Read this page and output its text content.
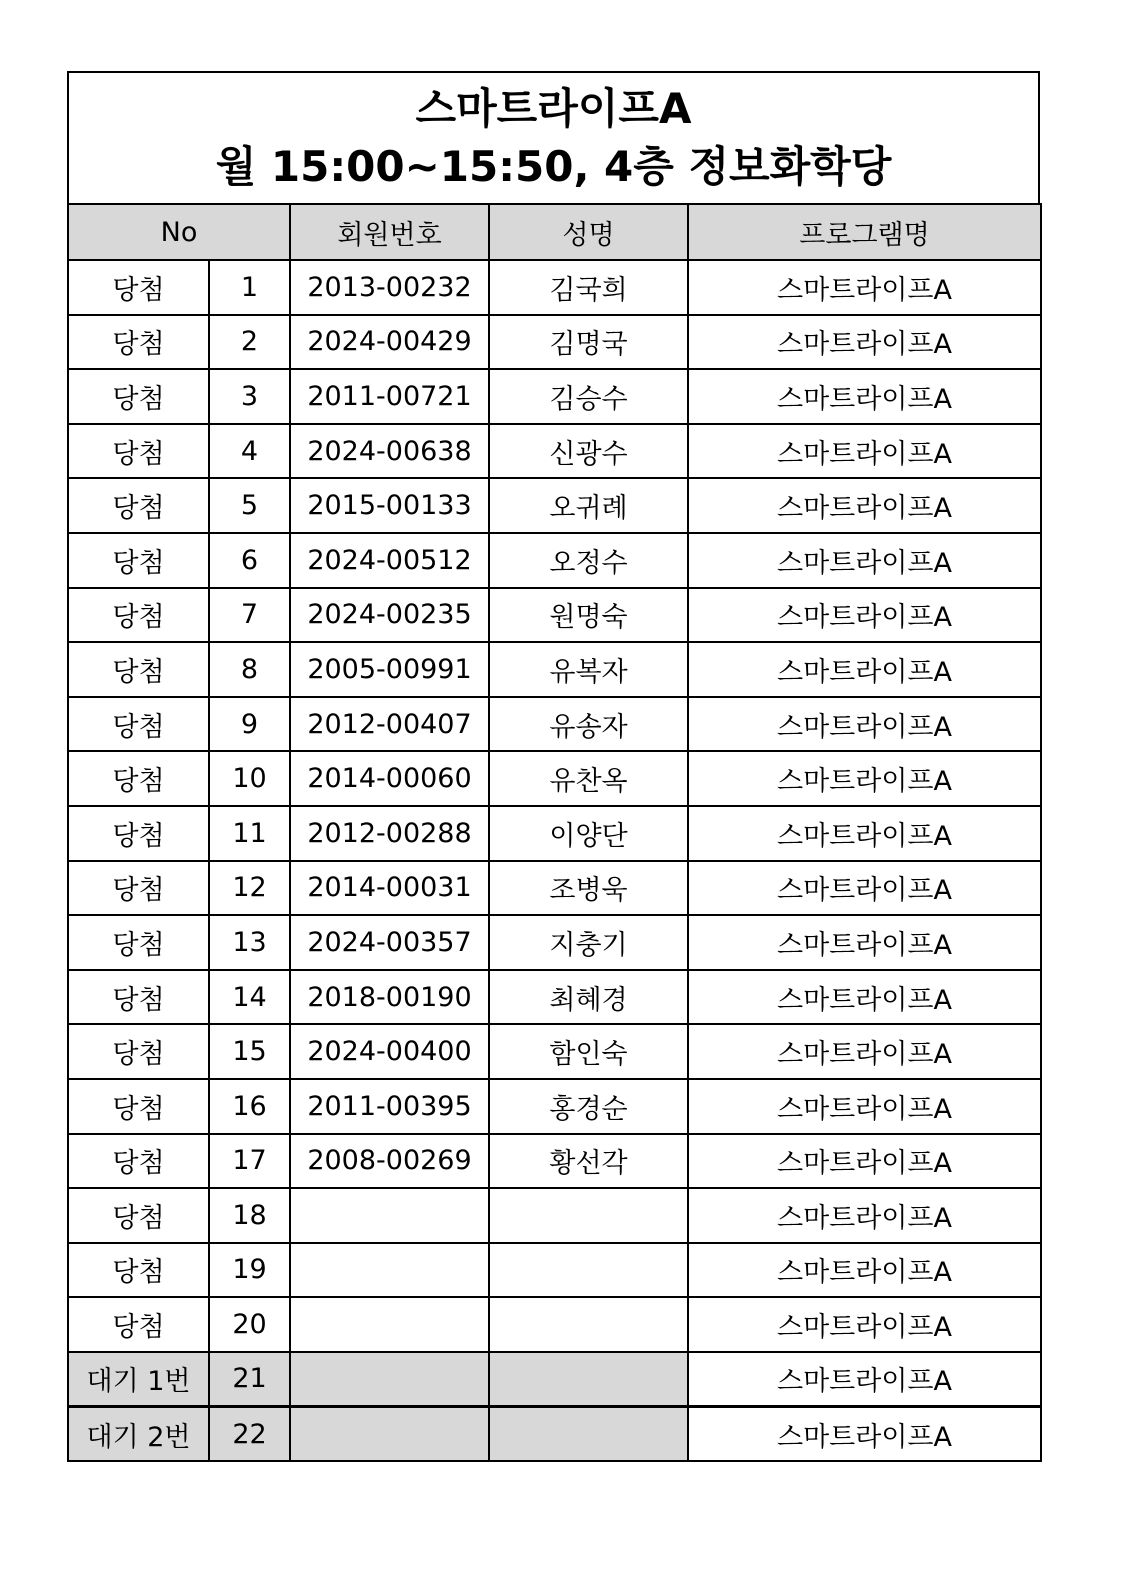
스마트라이프A
월 15:00~15:50, 4층 정보화학당
No		회원번호	성명	프로그램명
당첨	1	2013-00232	김국희	스마트라이프A
당첨	2	2024-00429	김명국	스마트라이프A
당첨	3	2011-00721	김승수	스마트라이프A
당첨	4	2024-00638	신광수	스마트라이프A
당첨	5	2015-00133	오귀례	스마트라이프A
당첨	6	2024-00512	오정수	스마트라이프A
당첨	7	2024-00235	원명숙	스마트라이프A
당첨	8	2005-00991	유복자	스마트라이프A
당첨	9	2012-00407	유송자	스마트라이프A
당첨	10	2014-00060	유찬옥	스마트라이프A
당첨	11	2012-00288	이양단	스마트라이프A
당첨	12	2014-00031	조병욱	스마트라이프A
당첨	13	2024-00357	지충기	스마트라이프A
당첨	14	2018-00190	최혜경	스마트라이프A
당첨	15	2024-00400	함인숙	스마트라이프A
당첨	16	2011-00395	홍경순	스마트라이프A
당첨	17	2008-00269	황선각	스마트라이프A
당첨	18			스마트라이프A
당첨	19			스마트라이프A
당첨	20			스마트라이프A
대기 1번	21			스마트라이프A
대기 2번	22			스마트라이프A
